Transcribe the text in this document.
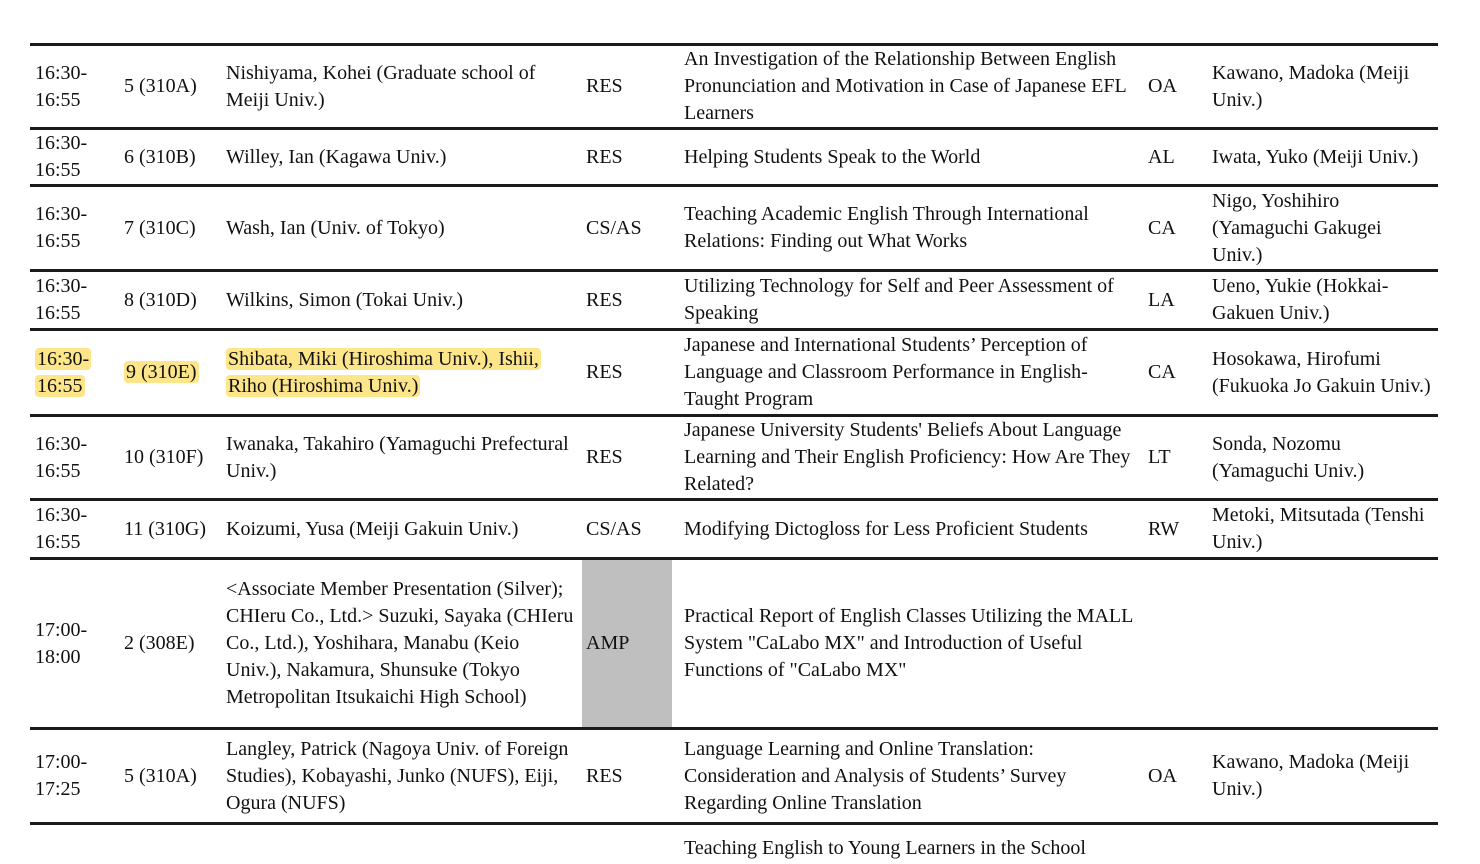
16:30-16:55	5 (310A)	Nishiyama, Kohei (Graduate school of Meiji Univ.)	RES	An Investigation of the Relationship Between English Pronunciation and Motivation in Case of Japanese EFL Learners	OA	Kawano, Madoka (Meiji Univ.)
16:30-16:55	6 (310B)	Willey, Ian (Kagawa Univ.)	RES	Helping Students Speak to the World	AL	Iwata, Yuko (Meiji Univ.)
16:30-16:55	7 (310C)	Wash, Ian (Univ. of Tokyo)	CS/AS	Teaching Academic English Through International Relations: Finding out What Works	CA	Nigo, Yoshihiro (Yamaguchi Gakugei Univ.)
16:30-16:55	8 (310D)	Wilkins, Simon (Tokai Univ.)	RES	Utilizing Technology for Self and Peer Assessment of Speaking	LA	Ueno, Yukie (Hokkai-Gakuen Univ.)
16:30-16:55	9 (310E)	Shibata, Miki (Hiroshima Univ.), Ishii, Riho (Hiroshima Univ.)	RES	Japanese and International Students’ Perception of Language and Classroom Performance in English-Taught Program	CA	Hosokawa, Hirofumi (Fukuoka Jo Gakuin Univ.)
16:30-16:55	10 (310F)	Iwanaka, Takahiro (Yamaguchi Prefectural Univ.)	RES	Japanese University Students' Beliefs About Language Learning and Their English Proficiency: How Are They Related?	LT	Sonda, Nozomu (Yamaguchi Univ.)
16:30-16:55	11 (310G)	Koizumi, Yusa (Meiji Gakuin Univ.)	CS/AS	Modifying Dictogloss for Less Proficient Students	RW	Metoki, Mitsutada (Tenshi Univ.)
17:00-18:00	2 (308E)	<Associate Member Presentation (Silver); CHIeru Co., Ltd.> Suzuki, Sayaka (CHIeru Co., Ltd.), Yoshihara, Manabu (Keio Univ.), Nakamura, Shunsuke (Tokyo Metropolitan Itsukaichi High School)	AMP	Practical Report of English Classes Utilizing the MALL System "CaLabo MX" and Introduction of Useful Functions of "CaLabo MX"		
17:00-17:25	5 (310A)	Langley, Patrick (Nagoya Univ. of Foreign Studies), Kobayashi, Junko (NUFS), Eiji, Ogura (NUFS)	RES	Language Learning and Online Translation: Consideration and Analysis of Students’ Survey Regarding Online Translation	OA	Kawano, Madoka (Meiji Univ.)
				Teaching English to Young Learners in the School		
